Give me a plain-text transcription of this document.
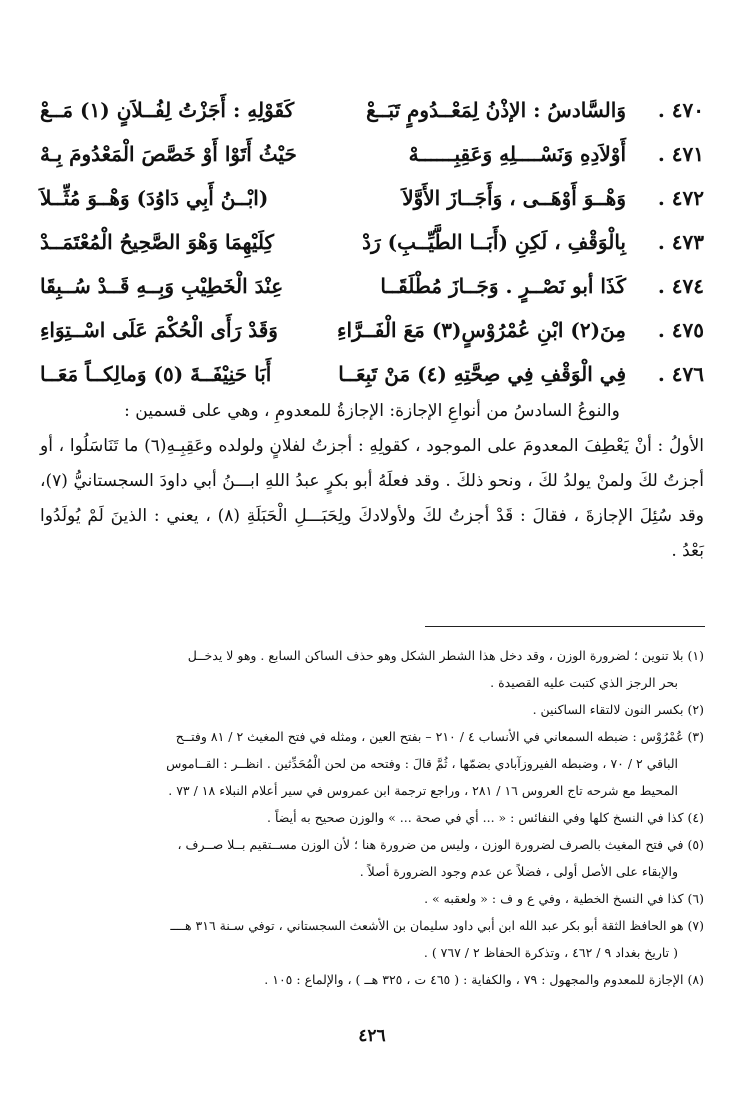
٤٧٠ .
وَالسَّادسُ : الإذْنُ لِمَعْــدُومٍ تَبَــعْ
كَقَوْلِهِ : أَجَزْتُ لِفُــلاَنٍ (١) مَــعْ
٤٧١ .
أَوْلاَدِهِ وَنَسْــــلِهِ وَعَقِبِــــــهْ
حَيْثُ أَتَوْا أَوْ خَصَّصَ الْمَعْدُومَ بِـهْ
٤٧٢ .
وَهْــوَ أَوْهَــى ، وَأَجَــازَ الأَوَّلاَ
(ابْــنُ أَبِي دَاوُدَ) وَهْــوَ مُثِّــلاَ
٤٧٣ .
بِالْوَقْفِ ، لَكِنِ (أَبَــا الطَّيِّــبِ) رَدْ
كِلَيْهِمَا وَهْوَ الصَّحِيحُ الْمُعْتَمَــدْ
٤٧٤ .
كَذَا أبو نَصْــرٍ . وَجَــازَ مُطْلَقَــا
عِنْدَ الْخَطِيْبِ وَبِــهِ قَــدْ سُــبِقَا
٤٧٥ .
مِنَ(٢) ابْنِ عُمْرُوْسٍ(٣) مَعَ الْفَــرَّاءِ
وَقَدْ رَأَى الْحُكْمَ عَلَى اسْــتِوَاءِ
٤٧٦ .
فِي الْوَقْفِ فِي صِحَّتِهِ (٤) مَنْ تَبِعَــا
أَبَا حَنِيْفَــةَ (٥) وَمالِكــاً مَعَــا

والنوعُ السادسُ من أنواعِ الإجازة: الإجازةُ للمعدومِ ، وهي على قسمين :

الأولُ : أنْ يَعْطِفَ المعدومَ على الموجود ، كقولِهِ : أجزتُ لفلانٍ ولولده وعَقِبِـهِ(٦) ما تَنَاسَلُوا ، أو أجزتُ لكَ ولمنْ يولدُ لكَ ، ونحو ذلكَ . وقد فعلَهُ أبو بكرٍ عبدُ اللهِ ابـــنُ أبي داودَ السجستانيُّ (٧)، وقد سُئِلَ الإجازةَ ، فقالَ : قَدْ أجزتُ لكَ ولأولادكَ ولِحَبَـــلِ الْحَبَلَةِ (٨) ، يعني : الذينَ لَمْ يُولَدُوا بَعْدُ .

(١) بلا تنوين ؛ لضرورة الوزن ، وقد دخل هذا الشطر الشكل وهو حذف الساكن السابع . وهو لا يدخــل
بحر الرجز الذي كتبت عليه القصيدة .
(٢) بكسر النون لالتقاء الساكنين .
(٣) عُمْرُوْس : ضبطه السمعاني في الأنساب ٤ / ٢١٠ – بفتح العين ، ومثله في فتح المغيث ٢ / ٨١ وفتــح
الباقي ٢ / ٧٠ ، وضبطه الفيروزآبادي بضمّها ، ثُمَّ قالَ : وفتحه من لحن الْمُحَدِّثين . انظــر : القــاموس
المحيط مع شرحه تاج العروس ١٦ / ٢٨١ ، وراجع ترجمة ابن عمروس في سير أعلام النبلاء ١٨ / ٧٣ .
(٤) كذا في النسخ كلها وفي النفائس : « ... أي في صحة ... » والوزن صحيح به أيضاً .
(٥) في فتح المغيث بالصرف لضرورة الوزن ، وليس من ضرورة هنا ؛ لأن الوزن مســتقيم بــلا صــرف ،
والإبقاء على الأصل أولى ، فضلاً عن عدم وجود الضرورة أصلاً .
(٦) كذا في النسخ الخطية ، وفي ع و ف : « ولعقبه » .
(٧) هو الحافظ الثقة أبو بكر عبد الله ابن أبي داود سليمان بن الأشعث السجستاني ، توفي سـنة ٣١٦ هــــ
( تاريخ بغداد ٩ / ٤٦٢ ، وتذكرة الحفاظ ٢ / ٧٦٧ ) .
(٨) الإجازة للمعدوم والمجهول : ٧٩ ، والكفاية : ( ٤٦٥ ت ، ٣٢٥ هــ ) ، والإلماع : ١٠٥ .
٤٢٦
